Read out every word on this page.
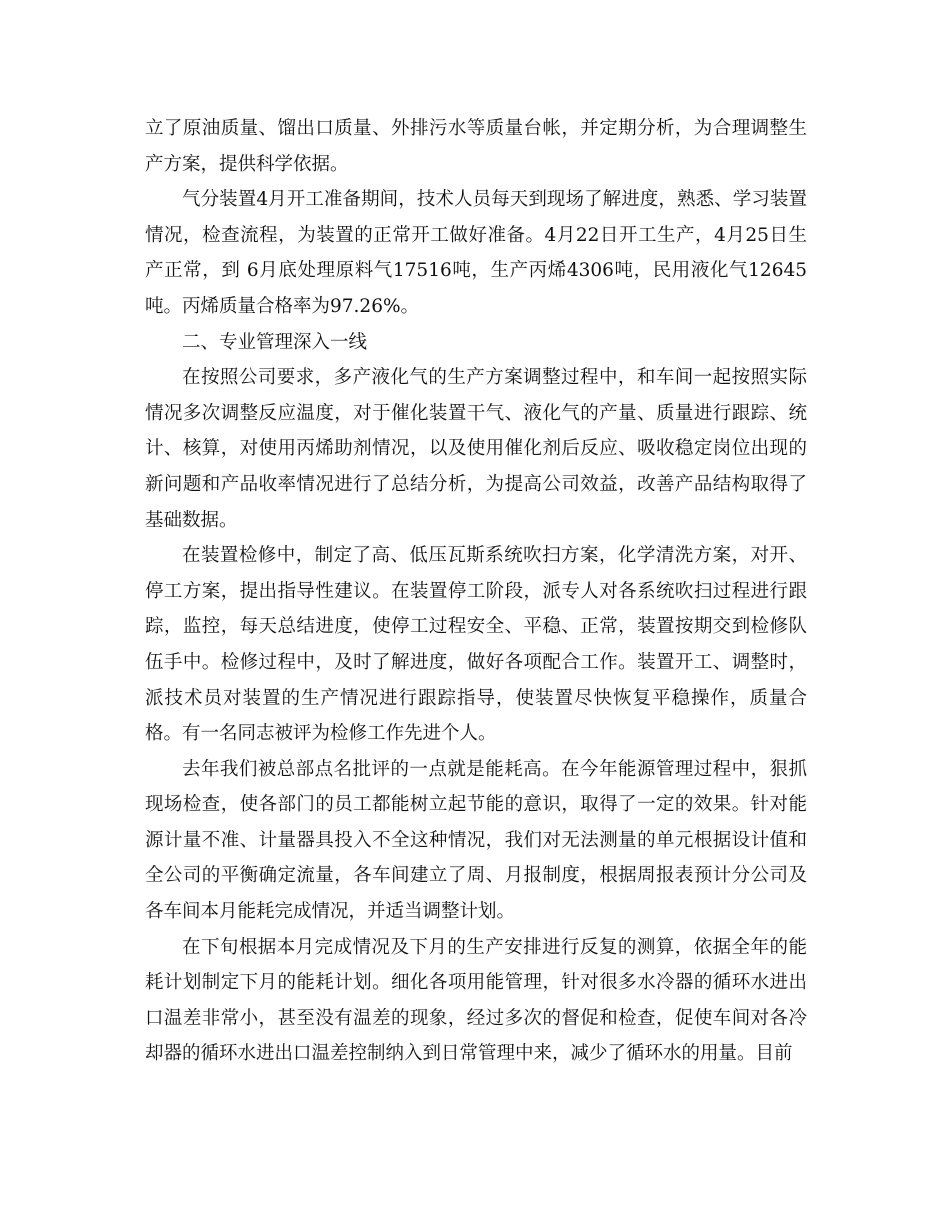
立了原油质量、馏出口质量、外排污水等质量台帐，并定期分析，为合理调整生产方案，提供科学依据。

气分装置4月开工准备期间，技术人员每天到现场了解进度，熟悉、学习装置情况，检查流程，为装置的正常开工做好准备。4月22日开工生产，4月25日生产正常，到 6月底处理原料气17516吨，生产丙烯4306吨，民用液化气12645吨。丙烯质量合格率为97.26%。

二、专业管理深入一线

在按照公司要求，多产液化气的生产方案调整过程中，和车间一起按照实际情况多次调整反应温度，对于催化装置干气、液化气的产量、质量进行跟踪、统计、核算，对使用丙烯助剂情况，以及使用催化剂后反应、吸收稳定岗位出现的新问题和产品收率情况进行了总结分析，为提高公司效益，改善产品结构取得了基础数据。

在装置检修中，制定了高、低压瓦斯系统吹扫方案，化学清洗方案，对开、停工方案，提出指导性建议。在装置停工阶段，派专人对各系统吹扫过程进行跟踪，监控，每天总结进度，使停工过程安全、平稳、正常，装置按期交到检修队伍手中。检修过程中，及时了解进度，做好各项配合工作。装置开工、调整时，派技术员对装置的生产情况进行跟踪指导，使装置尽快恢复平稳操作，质量合格。有一名同志被评为检修工作先进个人。

去年我们被总部点名批评的一点就是能耗高。在今年能源管理过程中，狠抓现场检查，使各部门的员工都能树立起节能的意识，取得了一定的效果。针对能源计量不准、计量器具投入不全这种情况，我们对无法测量的单元根据设计值和全公司的平衡确定流量，各车间建立了周、月报制度，根据周报表预计分公司及各车间本月能耗完成情况，并适当调整计划。

在下旬根据本月完成情况及下月的生产安排进行反复的测算，依据全年的能耗计划制定下月的能耗计划。细化各项用能管理，针对很多水冷器的循环水进出口温差非常小，甚至没有温差的现象，经过多次的督促和检查，促使车间对各冷却器的循环水进出口温差控制纳入到日常管理中来，减少了循环水的用量。目前
